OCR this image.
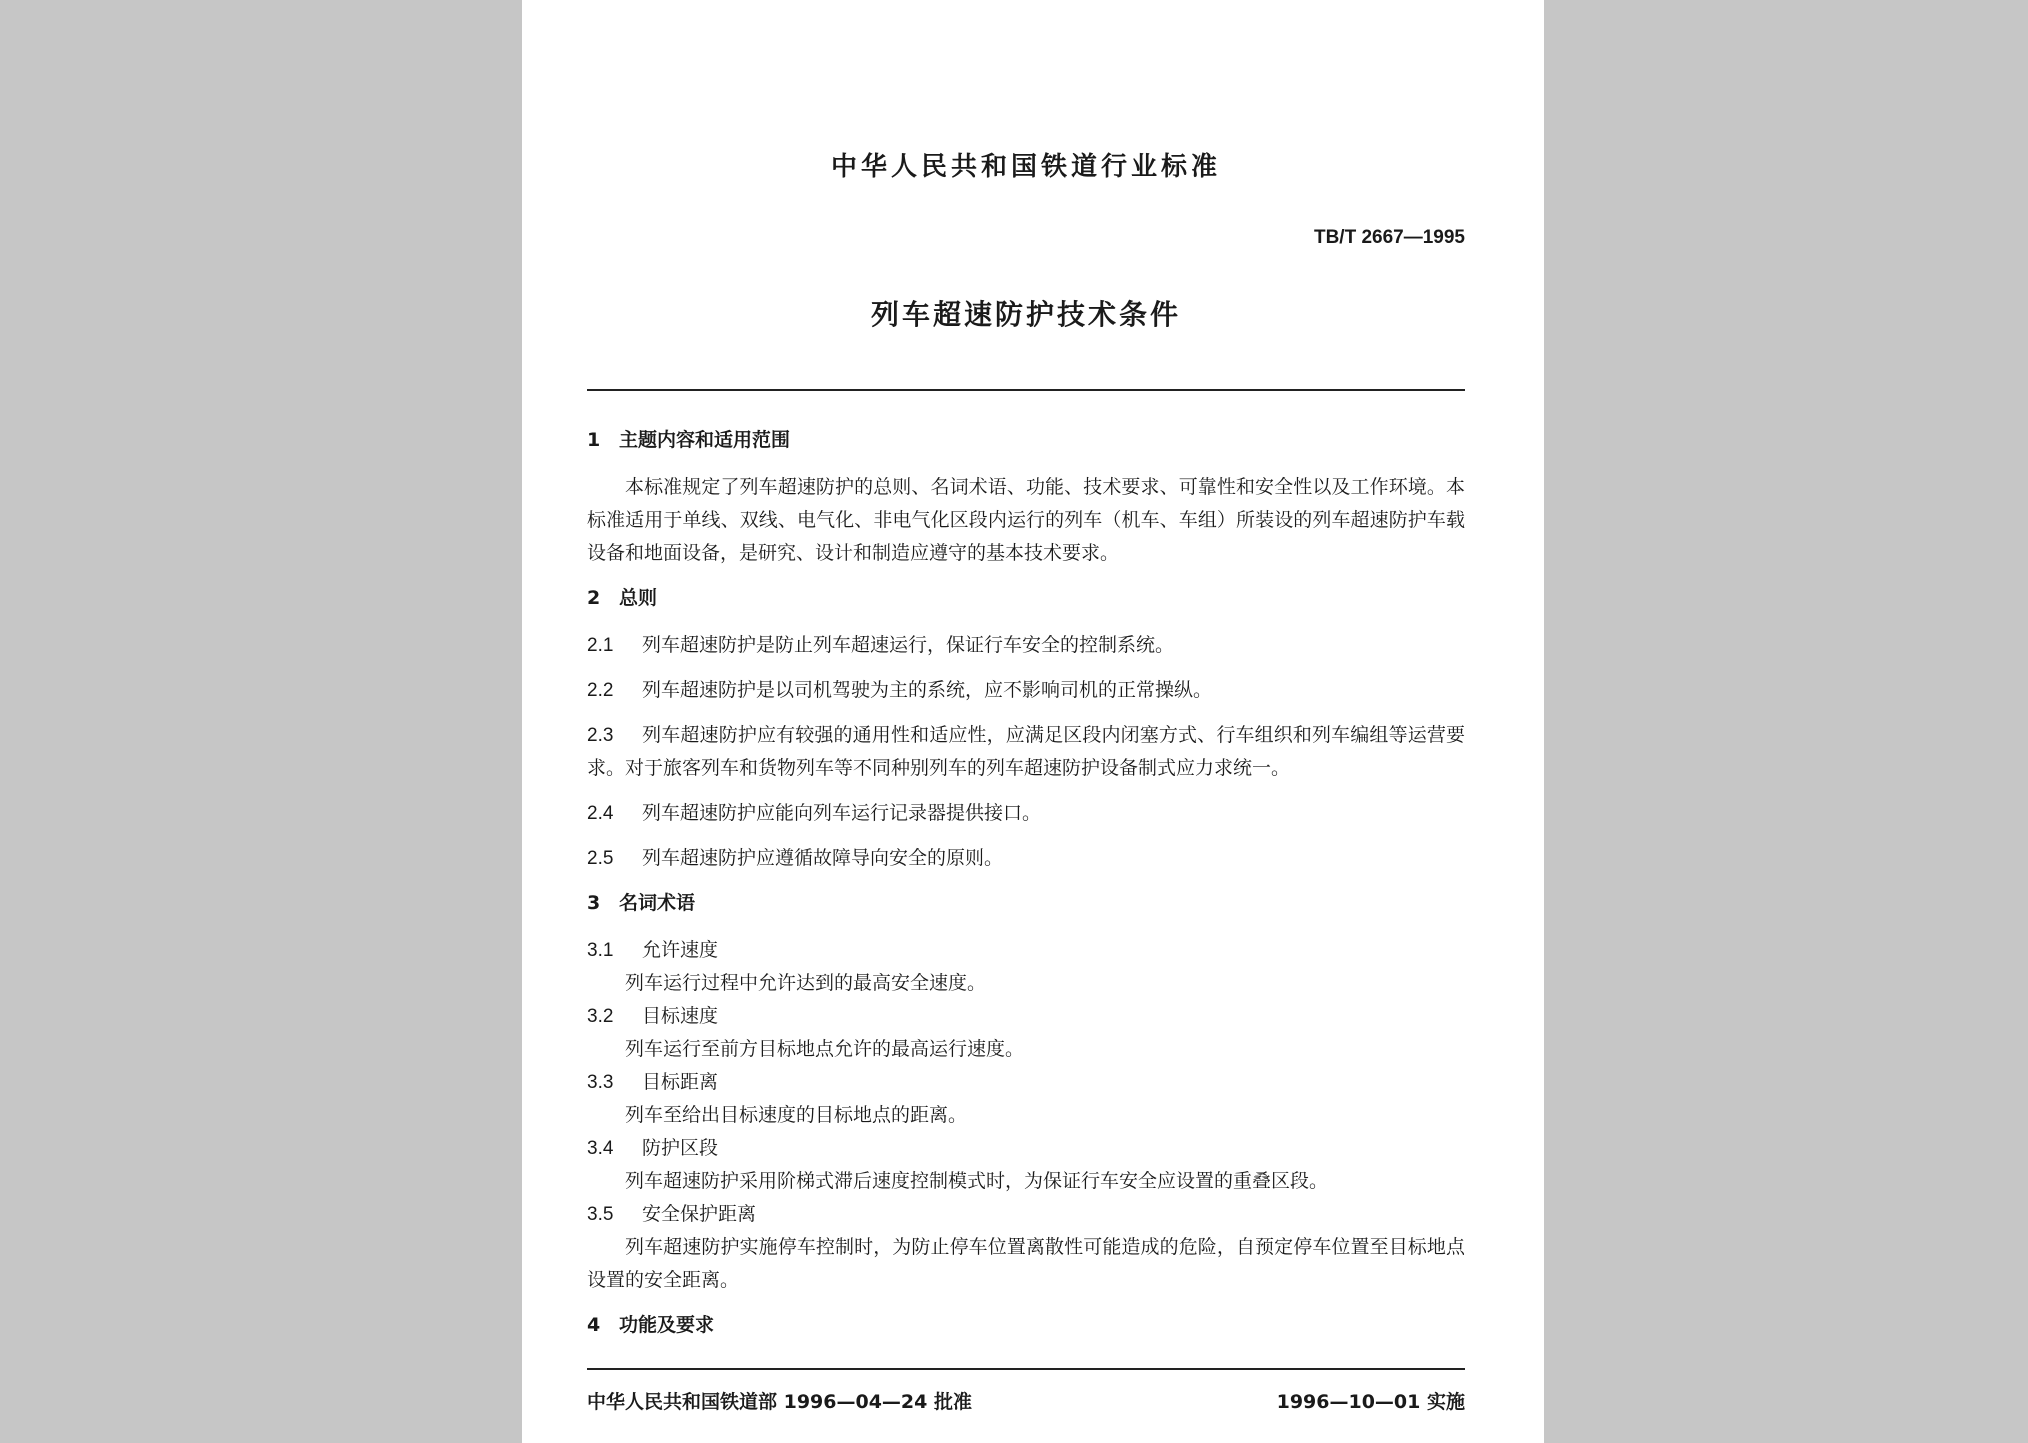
中华人民共和国铁道行业标准
TB/T 2667—1995
列车超速防护技术条件
1 主题内容和适用范围
本标准规定了列车超速防护的总则、名词术语、功能、技术要求、可靠性和安全性以及工作环境。本标准适用于单线、双线、电气化、非电气化区段内运行的列车（机车、车组）所装设的列车超速防护车载设备和地面设备，是研究、设计和制造应遵守的基本技术要求。
2 总则
2.1 列车超速防护是防止列车超速运行，保证行车安全的控制系统。
2.2 列车超速防护是以司机驾驶为主的系统，应不影响司机的正常操纵。
2.3 列车超速防护应有较强的通用性和适应性，应满足区段内闭塞方式、行车组织和列车编组等运营要求。对于旅客列车和货物列车等不同种别列车的列车超速防护设备制式应力求统一。
2.4 列车超速防护应能向列车运行记录器提供接口。
2.5 列车超速防护应遵循故障导向安全的原则。
3 名词术语
3.1 允许速度
列车运行过程中允许达到的最高安全速度。
3.2 目标速度
列车运行至前方目标地点允许的最高运行速度。
3.3 目标距离
列车至给出目标速度的目标地点的距离。
3.4 防护区段
列车超速防护采用阶梯式滞后速度控制模式时，为保证行车安全应设置的重叠区段。
3.5 安全保护距离
列车超速防护实施停车控制时，为防止停车位置离散性可能造成的危险，自预定停车位置至目标地点设置的安全距离。
4 功能及要求
中华人民共和国铁道部 1996—04—24 批准	1996—10—01 实施
